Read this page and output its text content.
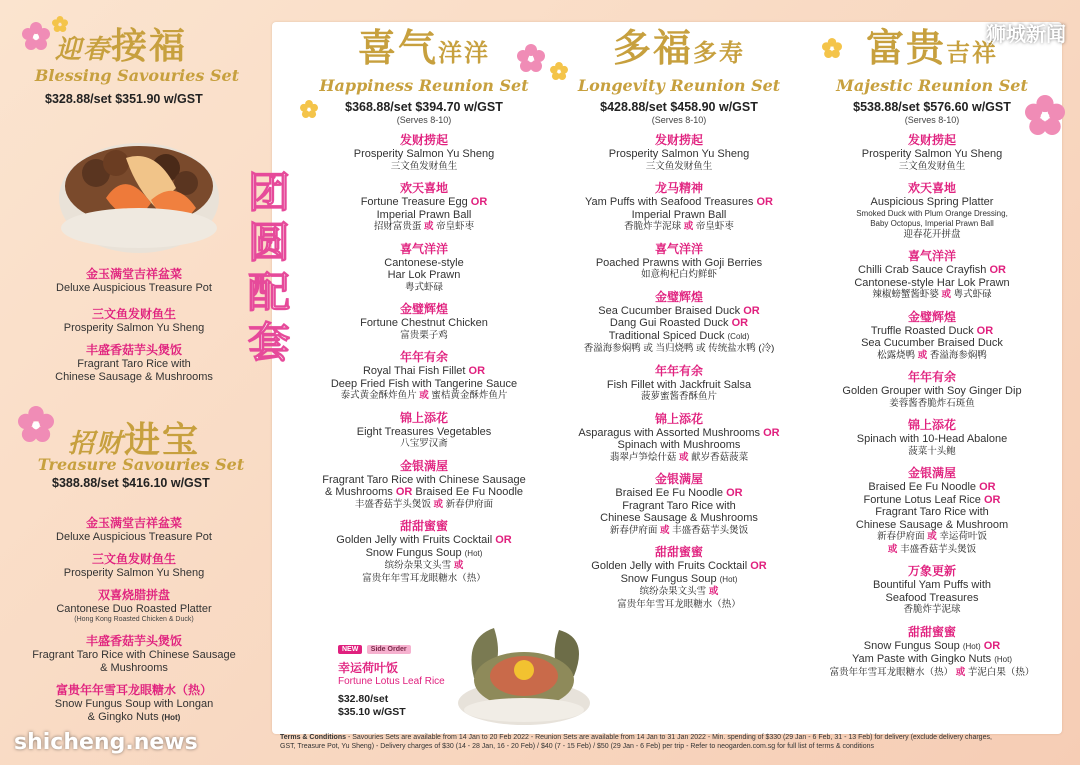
迎春接福
Blessing Savouries Set
$328.88/set $351.90 w/GST
金玉满堂吉祥盆菜
Deluxe Auspicious Treasure Pot
三文鱼发财鱼生
Prosperity Salmon Yu Sheng
丰盛香菇芋头煲饭
Fragrant Taro Rice with
Chinese Sausage & Mushrooms
招财进宝
Treasure Savouries Set
$388.88/set $416.10 w/GST
金玉满堂吉祥盆菜
Deluxe Auspicious Treasure Pot
三文鱼发财鱼生
Prosperity Salmon Yu Sheng
双喜烧腊拼盘
Cantonese Duo Roasted Platter
(Hong Kong Roasted Chicken & Duck)
丰盛香菇芋头煲饭
Fragrant Taro Rice with Chinese Sausage
& Mushrooms
富贵年年雪耳龙眼糖水（热）
Snow Fungus Soup with Longan
& Gingko Nuts (Hot)
团
圆
配
套
喜气洋洋
Happiness Reunion Set
$368.88/set $394.70 w/GST
(Serves 8-10)
发财捞起
Prosperity Salmon Yu Sheng
三文鱼发财鱼生
欢天喜地
Fortune Treasure Egg OR
Imperial Prawn Ball
招财富贵蛋 或 帝皇虾枣
喜气洋洋
Cantonese-style
Har Lok Prawn
粤式虾碌
金璧辉煌
Fortune Chestnut Chicken
富贵栗子鸡
年年有余
Royal Thai Fish Fillet OR
Deep Fried Fish with Tangerine Sauce
泰式黄金酥炸鱼片 或 蜜桔黄金酥炸鱼片
锦上添花
Eight Treasures Vegetables
八宝罗汉斋
金银满屋
Fragrant Taro Rice with Chinese Sausage
& Mushrooms OR Braised Ee Fu Noodle
丰盛香菇芋头煲饭 或 新春伊府面
甜甜蜜蜜
Golden Jelly with Fruits Cocktail OR
Snow Fungus Soup (Hot)
缤纷杂果文头雪 或
富贵年年雪耳龙眼糖水（热）
多福多寿
Longevity Reunion Set
$428.88/set $458.90 w/GST
(Serves 8-10)
发财捞起
Prosperity Salmon Yu Sheng
三文鱼发财鱼生
龙马精神
Yam Puffs with Seafood Treasures OR
Imperial Prawn Ball
香脆炸芋泥球 或 帝皇虾枣
喜气洋洋
Poached Prawns with Goji Berries
如意枸杞白灼鲜虾
金璧辉煌
Sea Cucumber Braised Duck OR
Dang Gui Roasted Duck OR
Traditional Spiced Duck (Cold)
香溢海参焖鸭 或 当归烧鸭 或 传统盐水鸭 (冷)
年年有余
Fish Fillet with Jackfruit Salsa
菠萝蜜酱香酥鱼片
锦上添花
Asparagus with Assorted Mushrooms OR
Spinach with Mushrooms
翡翠卢笋烩什菇 或 献岁香菇菠菜
金银满屋
Braised Ee Fu Noodle OR
Fragrant Taro Rice with
Chinese Sausage & Mushrooms
新春伊府面 或 丰盛香菇芋头煲饭
甜甜蜜蜜
Golden Jelly with Fruits Cocktail OR
Snow Fungus Soup (Hot)
缤纷杂果文头雪 或
富贵年年雪耳龙眼糖水（热）
富贵吉祥
Majestic Reunion Set
$538.88/set $576.60 w/GST
(Serves 8-10)
发财捞起
Prosperity Salmon Yu Sheng
三文鱼发财鱼生
欢天喜地
Auspicious Spring Platter
Smoked Duck with Plum Orange Dressing,
Baby Octopus, Imperial Prawn Ball
迎春花开拼盘
喜气洋洋
Chilli Crab Sauce Crayfish OR
Cantonese-style Har Lok Prawn
辣椒螃蟹酱虾婆 或 粤式虾碌
金璧辉煌
Truffle Roasted Duck OR
Sea Cucumber Braised Duck
松露烧鸭 或 香溢海参焖鸭
年年有余
Golden Grouper with Soy Ginger Dip
姜蓉酱香脆炸石斑鱼
锦上添花
Spinach with 10-Head Abalone
菠菜十头鲍
金银满屋
Braised Ee Fu Noodle OR
Fortune Lotus Leaf Rice OR
Fragrant Taro Rice with
Chinese Sausage & Mushroom
新春伊府面 或 幸运荷叶饭
或 丰盛香菇芋头煲饭
万象更新
Bountiful Yam Puffs with
Seafood Treasures
香脆炸芋泥球
甜甜蜜蜜
Snow Fungus Soup (Hot) OR
Yam Paste with Gingko Nuts (Hot)
富贵年年雪耳龙眼糖水（热） 或 芋泥白果（热）
NEW Side Order
幸运荷叶饭
Fortune Lotus Leaf Rice
$32.80/set
$35.10 w/GST
Terms & Conditions - Savouries Sets are available from 14 Jan to 20 Feb 2022 - Reunion Sets are available from 14 Jan to 31 Jan 2022 - Min. spending of $330 (29 Jan - 6 Feb, 31 - 13 Feb) for delivery (exclude delivery charges,
GST, Treasure Pot, Yu Sheng) - Delivery charges of $30 (14 - 28 Jan, 16 - 20 Feb) / $40 (7 - 15 Feb) / $50 (29 Jan - 6 Feb) per trip - Refer to neogarden.com.sg for full list of terms & conditions
狮城新闻
shicheng.news
